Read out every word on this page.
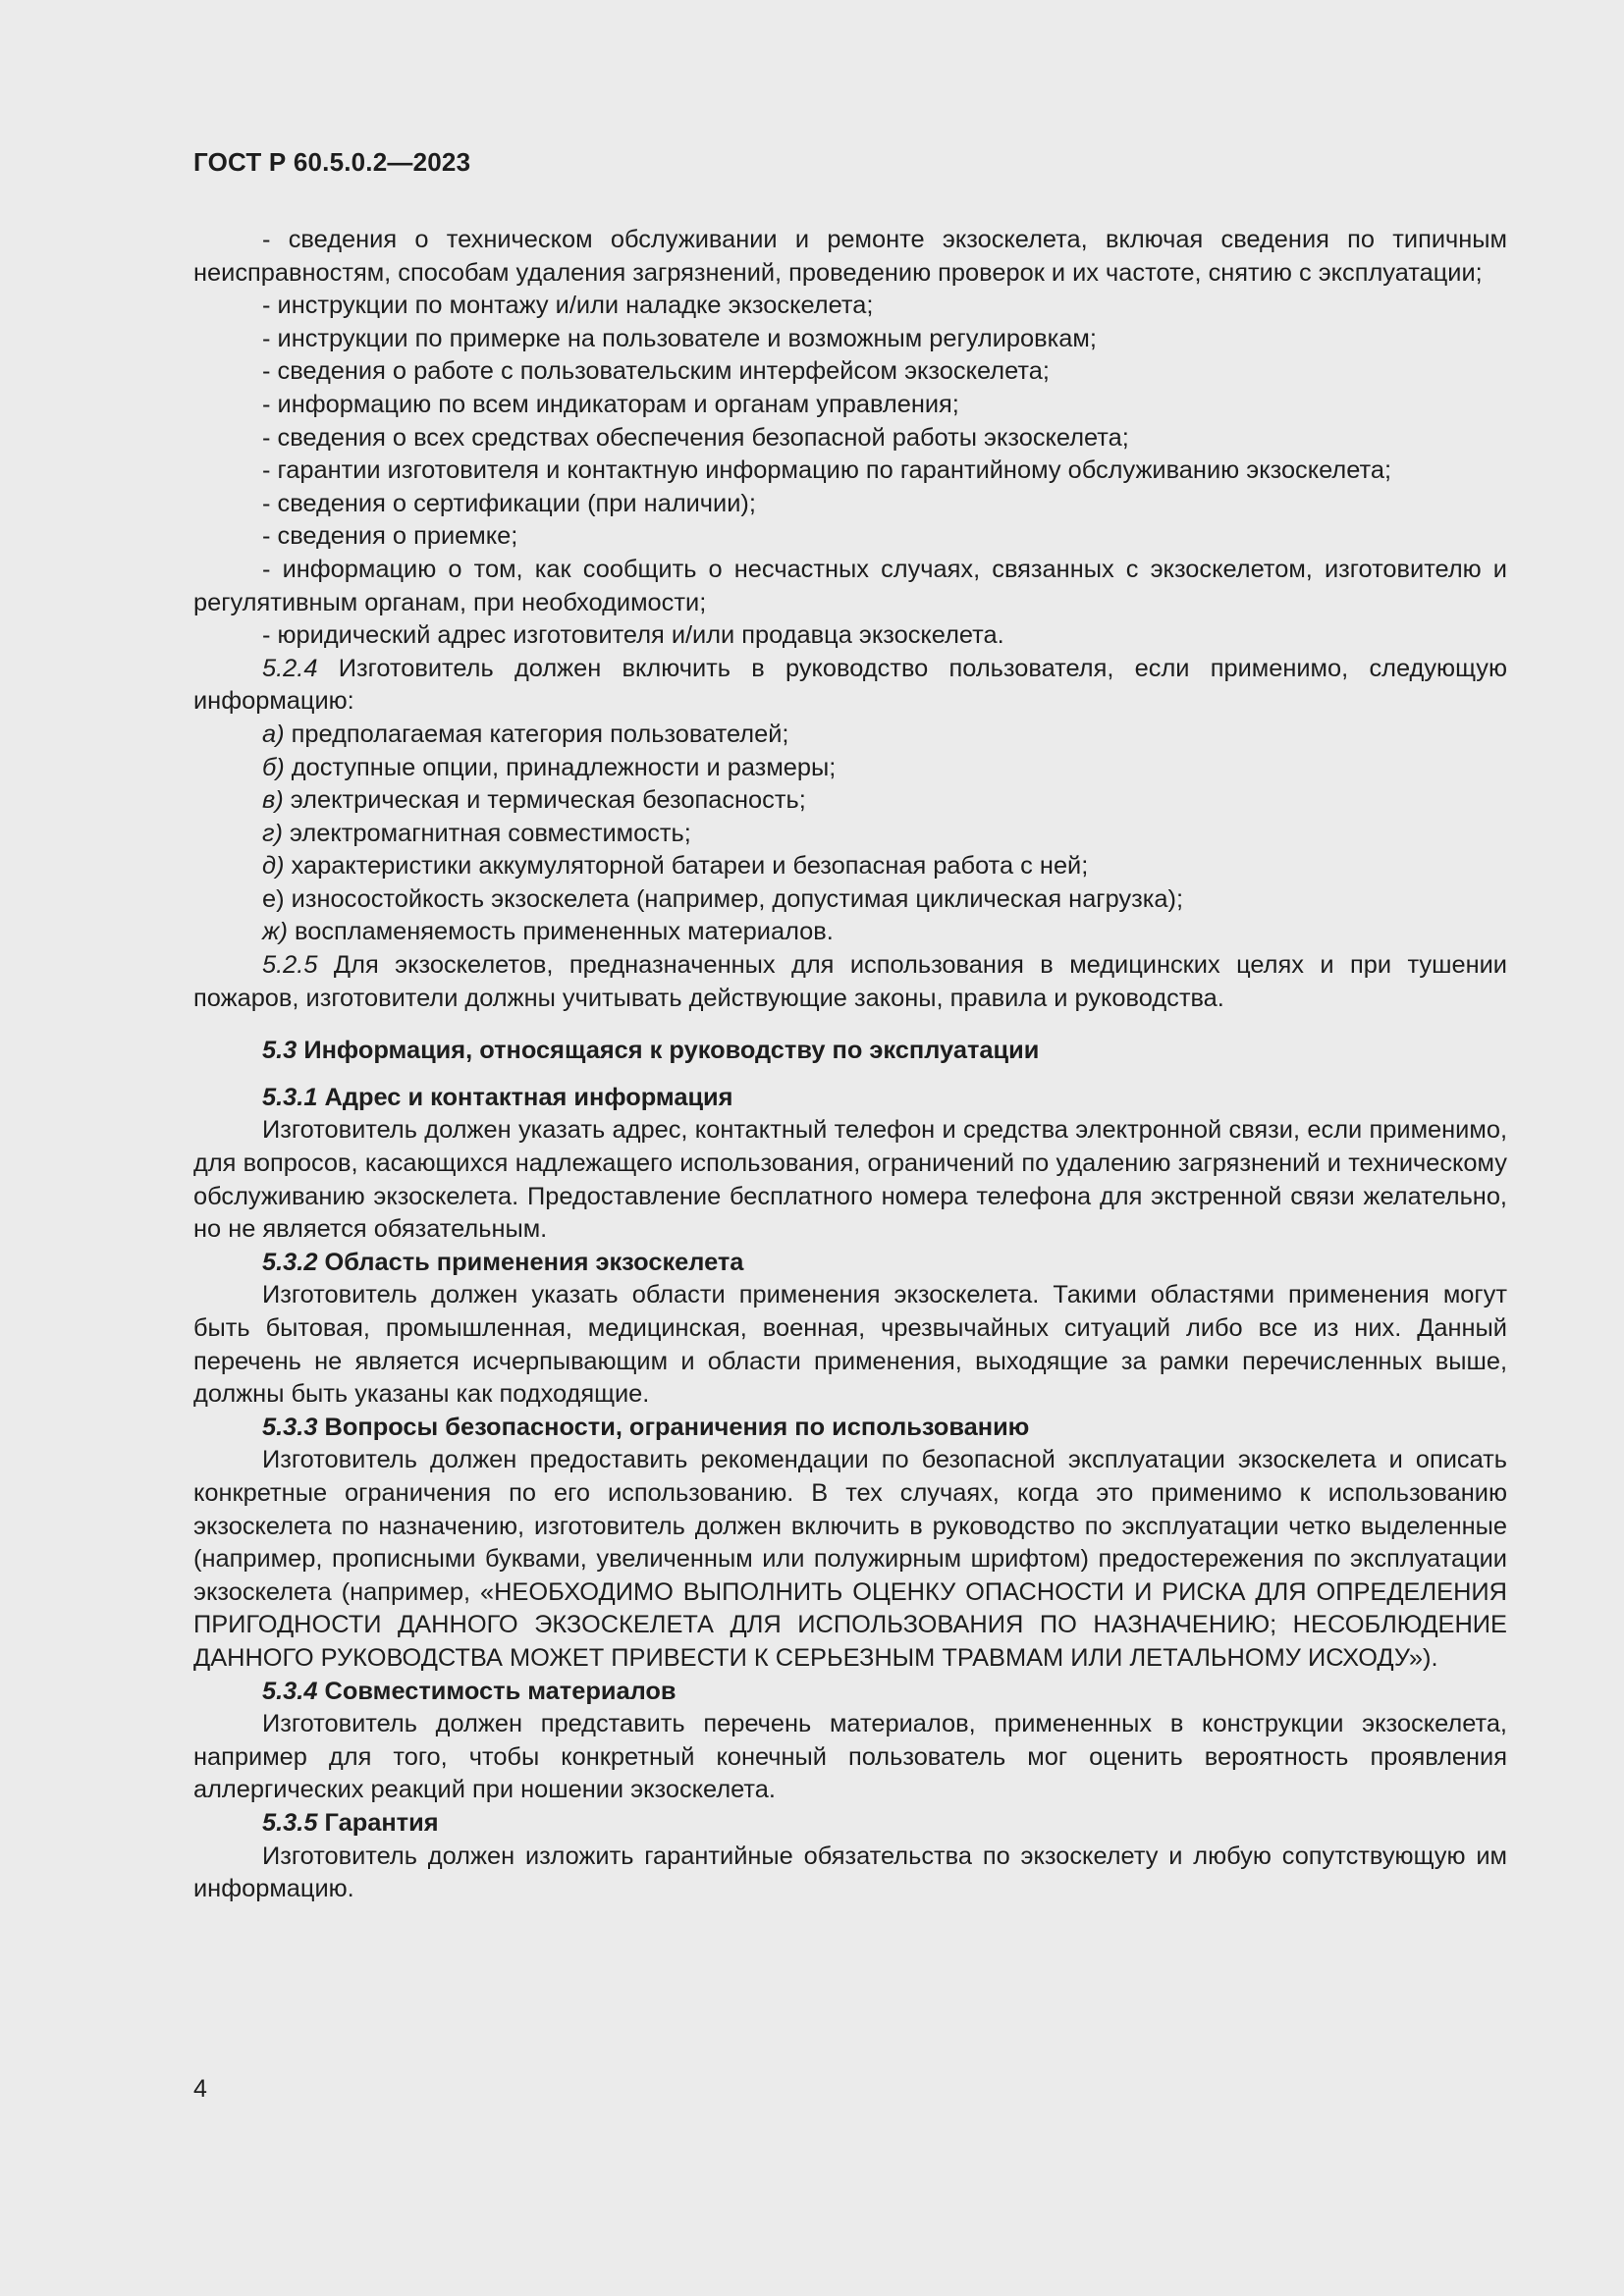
ГОСТ Р 60.5.0.2—2023

- сведения о техническом обслуживании и ремонте экзоскелета, включая сведения по типичным неисправностям, способам удаления загрязнений, проведению проверок и их частоте, снятию с эксплуатации;

- инструкции по монтажу и/или наладке экзоскелета;

- инструкции по примерке на пользователе и возможным регулировкам;

- сведения о работе с пользовательским интерфейсом экзоскелета;

- информацию по всем индикаторам и органам управления;

- сведения о всех средствах обеспечения безопасной работы экзоскелета;

- гарантии изготовителя и контактную информацию по гарантийному обслуживанию экзоскелета;

- сведения о сертификации (при наличии);

- сведения о приемке;

- информацию о том, как сообщить о несчастных случаях, связанных с экзоскелетом, изготовителю и регулятивным органам, при необходимости;

- юридический адрес изготовителя и/или продавца экзоскелета.

5.2.4 Изготовитель должен включить в руководство пользователя, если применимо, следующую информацию:

а) предполагаемая категория пользователей;

б) доступные опции, принадлежности и размеры;

в) электрическая и термическая безопасность;

г) электромагнитная совместимость;

д) характеристики аккумуляторной батареи и безопасная работа с ней;

е) износостойкость экзоскелета (например, допустимая циклическая нагрузка);

ж) воспламеняемость примененных материалов.

5.2.5 Для экзоскелетов, предназначенных для использования в медицинских целях и при тушении пожаров, изготовители должны учитывать действующие законы, правила и руководства.

5.3 Информация, относящаяся к руководству по эксплуатации

5.3.1 Адрес и контактная информация

Изготовитель должен указать адрес, контактный телефон и средства электронной связи, если применимо, для вопросов, касающихся надлежащего использования, ограничений по удалению загрязнений и техническому обслуживанию экзоскелета. Предоставление бесплатного номера телефона для экстренной связи желательно, но не является обязательным.

5.3.2 Область применения экзоскелета

Изготовитель должен указать области применения экзоскелета. Такими областями применения могут быть бытовая, промышленная, медицинская, военная, чрезвычайных ситуаций либо все из них. Данный перечень не является исчерпывающим и области применения, выходящие за рамки перечисленных выше, должны быть указаны как подходящие.

5.3.3 Вопросы безопасности, ограничения по использованию

Изготовитель должен предоставить рекомендации по безопасной эксплуатации экзоскелета и описать конкретные ограничения по его использованию. В тех случаях, когда это применимо к использованию экзоскелета по назначению, изготовитель должен включить в руководство по эксплуатации четко выделенные (например, прописными буквами, увеличенным или полужирным шрифтом) предостережения по эксплуатации экзоскелета (например, «НЕОБХОДИМО ВЫПОЛНИТЬ ОЦЕНКУ ОПАСНОСТИ И РИСКА ДЛЯ ОПРЕДЕЛЕНИЯ ПРИГОДНОСТИ ДАННОГО ЭКЗОСКЕЛЕТА ДЛЯ ИСПОЛЬЗОВАНИЯ ПО НАЗНАЧЕНИЮ; НЕСОБЛЮДЕНИЕ ДАННОГО РУКОВОДСТВА МОЖЕТ ПРИВЕСТИ К СЕРЬЕЗНЫМ ТРАВМАМ ИЛИ ЛЕТАЛЬНОМУ ИСХОДУ»).

5.3.4 Совместимость материалов

Изготовитель должен представить перечень материалов, примененных в конструкции экзоскелета, например для того, чтобы конкретный конечный пользователь мог оценить вероятность проявления аллергических реакций при ношении экзоскелета.

5.3.5 Гарантия

Изготовитель должен изложить гарантийные обязательства по экзоскелету и любую сопутствующую им информацию.

4
